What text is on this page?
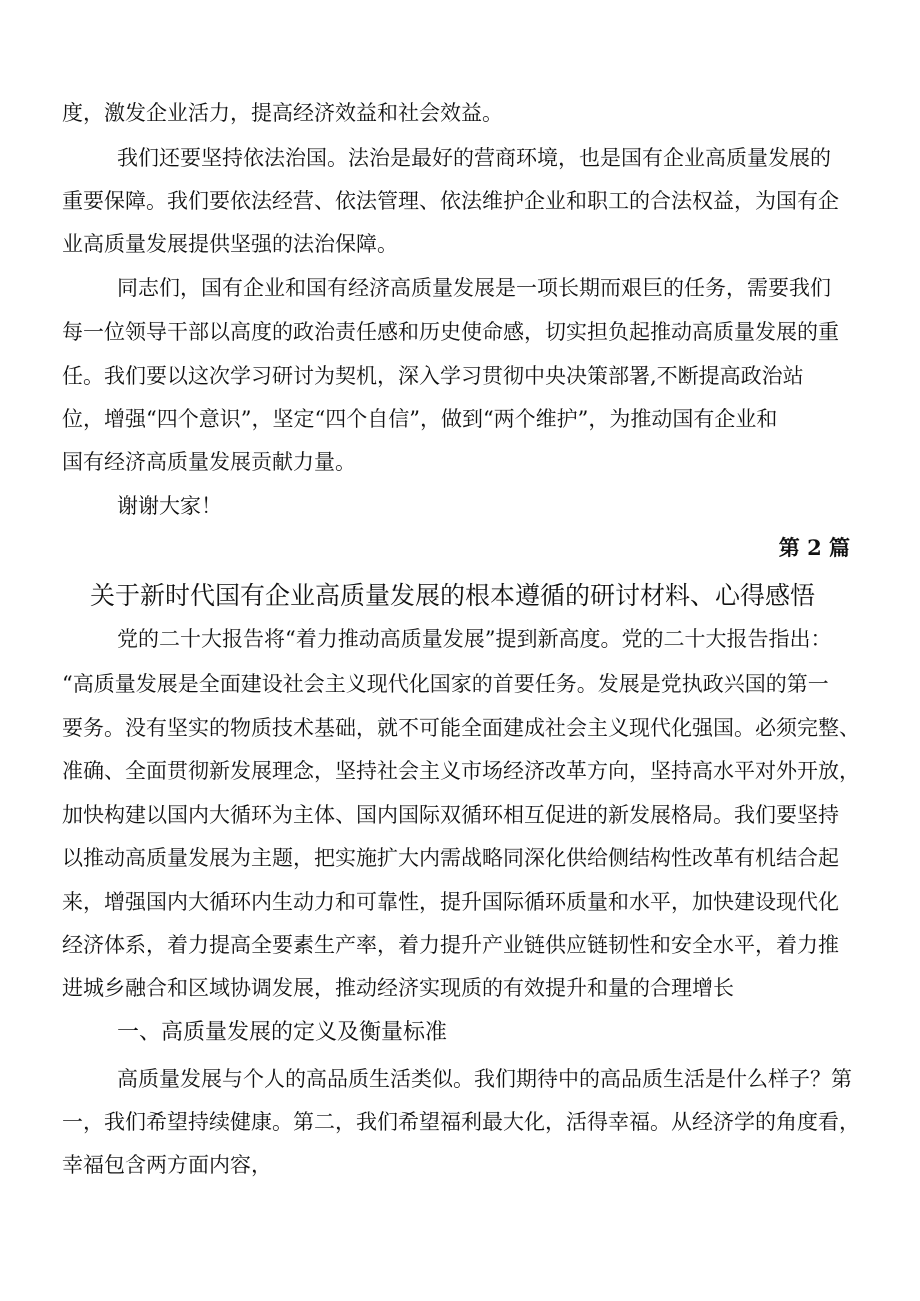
度，激发企业活力，提高经济效益和社会效益。
我们还要坚持依法治国。法治是最好的营商环境，也是国有企业高质量发展的
重要保障。我们要依法经营、依法管理、依法维护企业和职工的合法权益，为国有企
业高质量发展提供坚强的法治保障。
同志们，国有企业和国有经济高质量发展是一项长期而艰巨的任务，需要我们
每一位领导干部以高度的政治责任感和历史使命感，切实担负起推动高质量发展的重
任。我们要以这次学习研讨为契机，深入学习贯彻中央决策部署,不断提高政治站
位，增强“四个意识”，坚定“四个自信”，做到“两个维护”，为推动国有企业和
国有经济高质量发展贡献力量。
谢谢大家！
第 2 篇
关于新时代国有企业高质量发展的根本遵循的研讨材料、心得感悟
党的二十大报告将“着力推动高质量发展”提到新高度。党的二十大报告指出：
“高质量发展是全面建设社会主义现代化国家的首要任务。发展是党执政兴国的第一
要务。没有坚实的物质技术基础，就不可能全面建成社会主义现代化强国。必须完整、
准确、全面贯彻新发展理念，坚持社会主义市场经济改革方向，坚持高水平对外开放，
加快构建以国内大循环为主体、国内国际双循环相互促进的新发展格局。我们要坚持
以推动高质量发展为主题，把实施扩大内需战略同深化供给侧结构性改革有机结合起
来，增强国内大循环内生动力和可靠性，提升国际循环质量和水平，加快建设现代化
经济体系，着力提高全要素生产率，着力提升产业链供应链韧性和安全水平，着力推
进城乡融合和区域协调发展，推动经济实现质的有效提升和量的合理增长
一、高质量发展的定义及衡量标准
高质量发展与个人的高品质生活类似。我们期待中的高品质生活是什么样子？第
一，我们希望持续健康。第二，我们希望福利最大化，活得幸福。从经济学的角度看，
幸福包含两方面内容，
